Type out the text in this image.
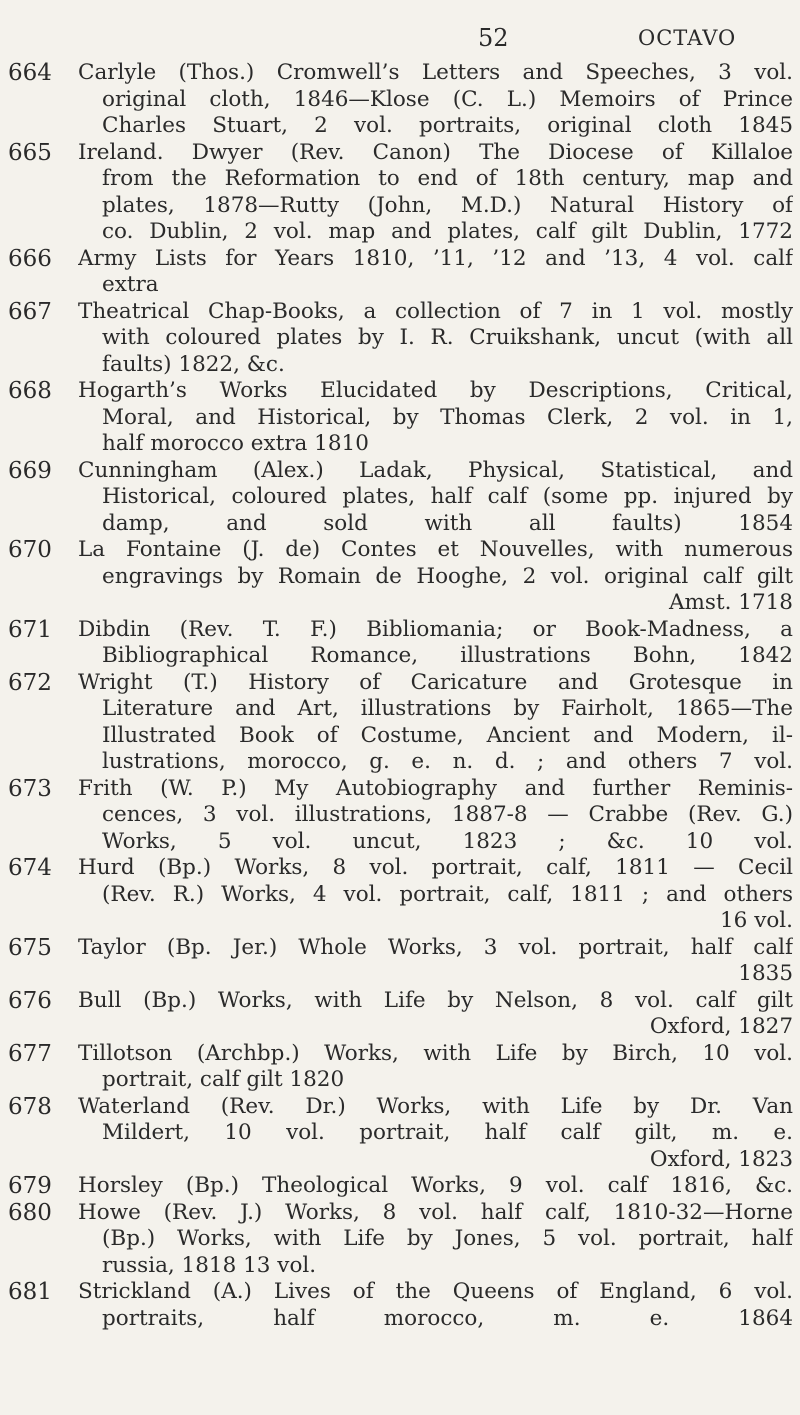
52	OCTAVO
664 Carlyle (Thos.) Cromwell’s Letters and Speeches, 3 vol.
original cloth, 1846—Klose (C. L.) Memoirs of Prince
Charles Stuart, 2 vol. portraits, original cloth 1845
665 Ireland. Dwyer (Rev. Canon) The Diocese of Killaloe
from the Reformation to end of 18th century, map and
plates, 1878—Rutty (John, M.D.) Natural History of
co. Dublin, 2 vol. map and plates, calf gilt Dublin, 1772
666 Army Lists for Years 1810, ’11, ’12 and ’13, 4 vol. calf
extra
667 Theatrical Chap-Books, a collection of 7 in 1 vol. mostly
with coloured plates by I. R. Cruikshank, uncut (with all
faults) 1822, &c.
668 Hogarth’s Works Elucidated by Descriptions, Critical,
Moral, and Historical, by Thomas Clerk, 2 vol. in 1,
half morocco extra 1810
669 Cunningham (Alex.) Ladak, Physical, Statistical, and
Historical, coloured plates, half calf (some pp. injured by
damp, and sold with all faults) 1854
670 La Fontaine (J. de) Contes et Nouvelles, with numerous
engravings by Romain de Hooghe, 2 vol. original calf gilt
Amst. 1718
671 Dibdin (Rev. T. F.) Bibliomania; or Book-Madness, a
Bibliographical Romance, illustrations Bohn, 1842
672 Wright (T.) History of Caricature and Grotesque in
Literature and Art, illustrations by Fairholt, 1865—The
Illustrated Book of Costume, Ancient and Modern, il-
lustrations, morocco, g. e. n. d. ; and others 7 vol.
673 Frith (W. P.) My Autobiography and further Reminis-
cences, 3 vol. illustrations, 1887-8 — Crabbe (Rev. G.)
Works, 5 vol. uncut, 1823 ; &c. 10 vol.
674 Hurd (Bp.) Works, 8 vol. portrait, calf, 1811 — Cecil
(Rev. R.) Works, 4 vol. portrait, calf, 1811 ; and others
16 vol.
675 Taylor (Bp. Jer.) Whole Works, 3 vol. portrait, half calf
1835
676 Bull (Bp.) Works, with Life by Nelson, 8 vol. calf gilt
Oxford, 1827
677 Tillotson (Archbp.) Works, with Life by Birch, 10 vol.
portrait, calf gilt 1820
678 Waterland (Rev. Dr.) Works, with Life by Dr. Van
Mildert, 10 vol. portrait, half calf gilt, m. e.
Oxford, 1823
679 Horsley (Bp.) Theological Works, 9 vol. calf 1816, &c.
680 Howe (Rev. J.) Works, 8 vol. half calf, 1810-32—Horne
(Bp.) Works, with Life by Jones, 5 vol. portrait, half
russia, 1818 13 vol.
681 Strickland (A.) Lives of the Queens of England, 6 vol.
portraits, half morocco, m. e. 1864
